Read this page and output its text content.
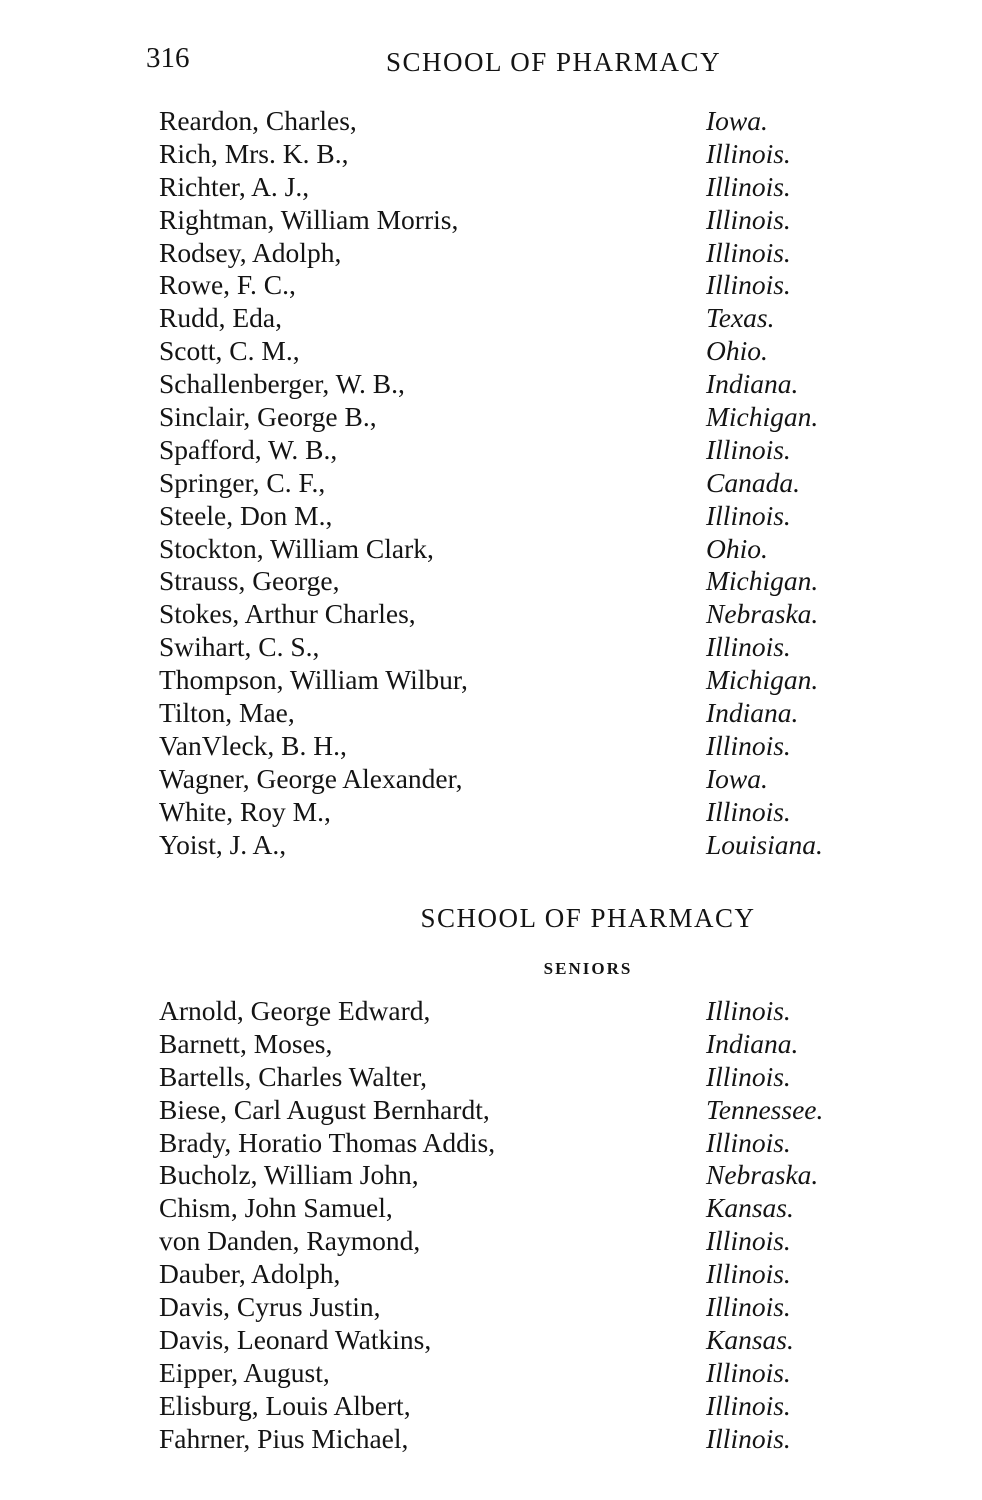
316	SCHOOL OF PHARMACY
Reardon, Charles,	Iowa.
Rich, Mrs. K. B.,	Illinois.
Richter, A. J.,	Illinois.
Rightman, William Morris,	Illinois.
Rodsey, Adolph,	Illinois.
Rowe, F. C.,	Illinois.
Rudd, Eda,	Texas.
Scott, C. M.,	Ohio.
Schallenberger, W. B.,	Indiana.
Sinclair, George B.,	Michigan.
Spafford, W. B.,	Illinois.
Springer, C. F.,	Canada.
Steele, Don M.,	Illinois.
Stockton, William Clark,	Ohio.
Strauss, George,	Michigan.
Stokes, Arthur Charles,	Nebraska.
Swihart, C. S.,	Illinois.
Thompson, William Wilbur,	Michigan.
Tilton, Mae,	Indiana.
VanVleck, B. H.,	Illinois.
Wagner, George Alexander,	Iowa.
White, Roy M.,	Illinois.
Yoist, J. A.,	Louisiana.
SCHOOL OF PHARMACY
SENIORS
Arnold, George Edward,	Illinois.
Barnett, Moses,	Indiana.
Bartells, Charles Walter,	Illinois.
Biese, Carl August Bernhardt,	Tennessee.
Brady, Horatio Thomas Addis,	Illinois.
Bucholz, William John,	Nebraska.
Chism, John Samuel,	Kansas.
von Danden, Raymond,	Illinois.
Dauber, Adolph,	Illinois.
Davis, Cyrus Justin,	Illinois.
Davis, Leonard Watkins,	Kansas.
Eipper, August,	Illinois.
Elisburg, Louis Albert,	Illinois.
Fahrner, Pius Michael,	Illinois.
